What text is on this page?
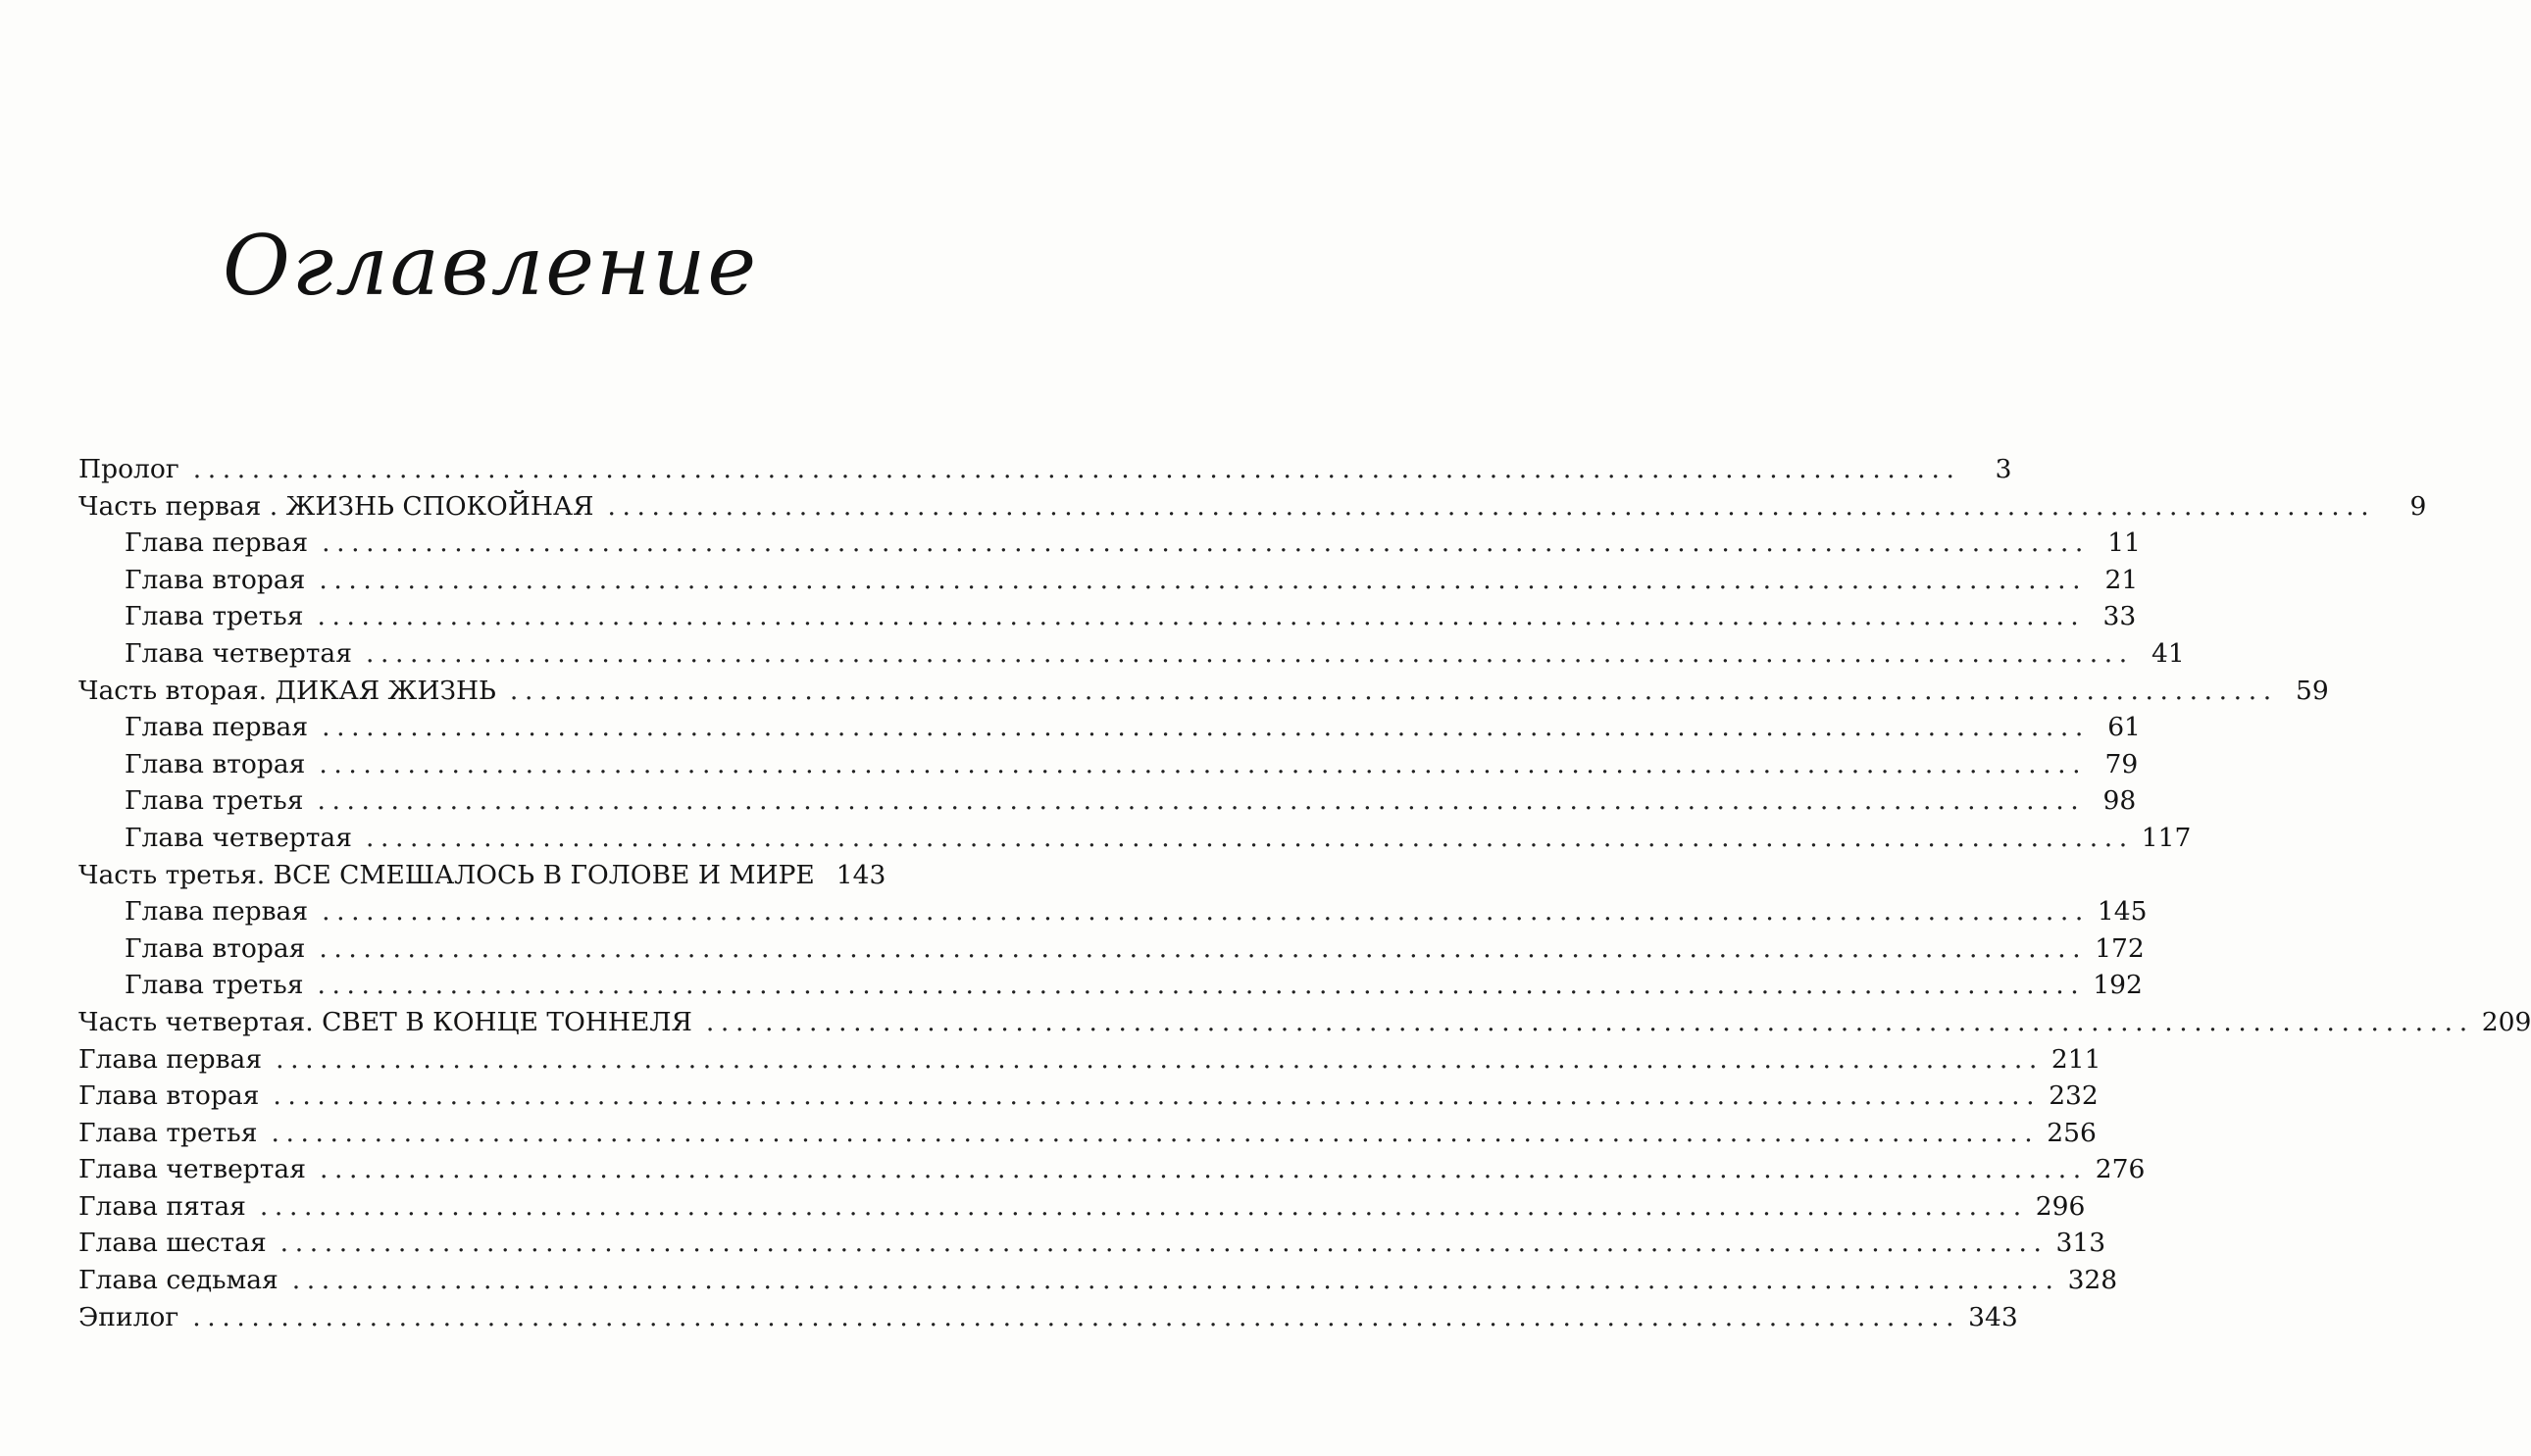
Оглавление
Пролог ........................................................................................................................	3
Часть первая . ЖИЗНЬ СПОКОЙНАЯ ........................................................................................................................	9
Глава первая ........................................................................................................................ 11
Глава вторая ........................................................................................................................ 21
Глава третья ........................................................................................................................ 33
Глава четвертая ........................................................................................................................ 41
Часть вторая. ДИКАЯ ЖИЗНЬ ........................................................................................................................ 59
Глава первая ........................................................................................................................ 61
Глава вторая ........................................................................................................................ 79
Глава третья ........................................................................................................................ 98
Глава четвертая ........................................................................................................................ 117
Часть третья. ВСЕ СМЕШАЛОСЬ В ГОЛОВЕ И МИРЕ 143
Глава первая ........................................................................................................................ 145
Глава вторая ........................................................................................................................ 172
Глава третья ........................................................................................................................ 192
Часть четвертая. СВЕТ В КОНЦЕ ТОННЕЛЯ ........................................................................................................................ 209
Глава первая ........................................................................................................................ 211
Глава вторая ........................................................................................................................ 232
Глава третья ........................................................................................................................ 256
Глава четвертая ........................................................................................................................ 276
Глава пятая ........................................................................................................................ 296
Глава шестая ........................................................................................................................ 313
Глава седьмая ........................................................................................................................ 328
Эпилог ........................................................................................................................ 343
